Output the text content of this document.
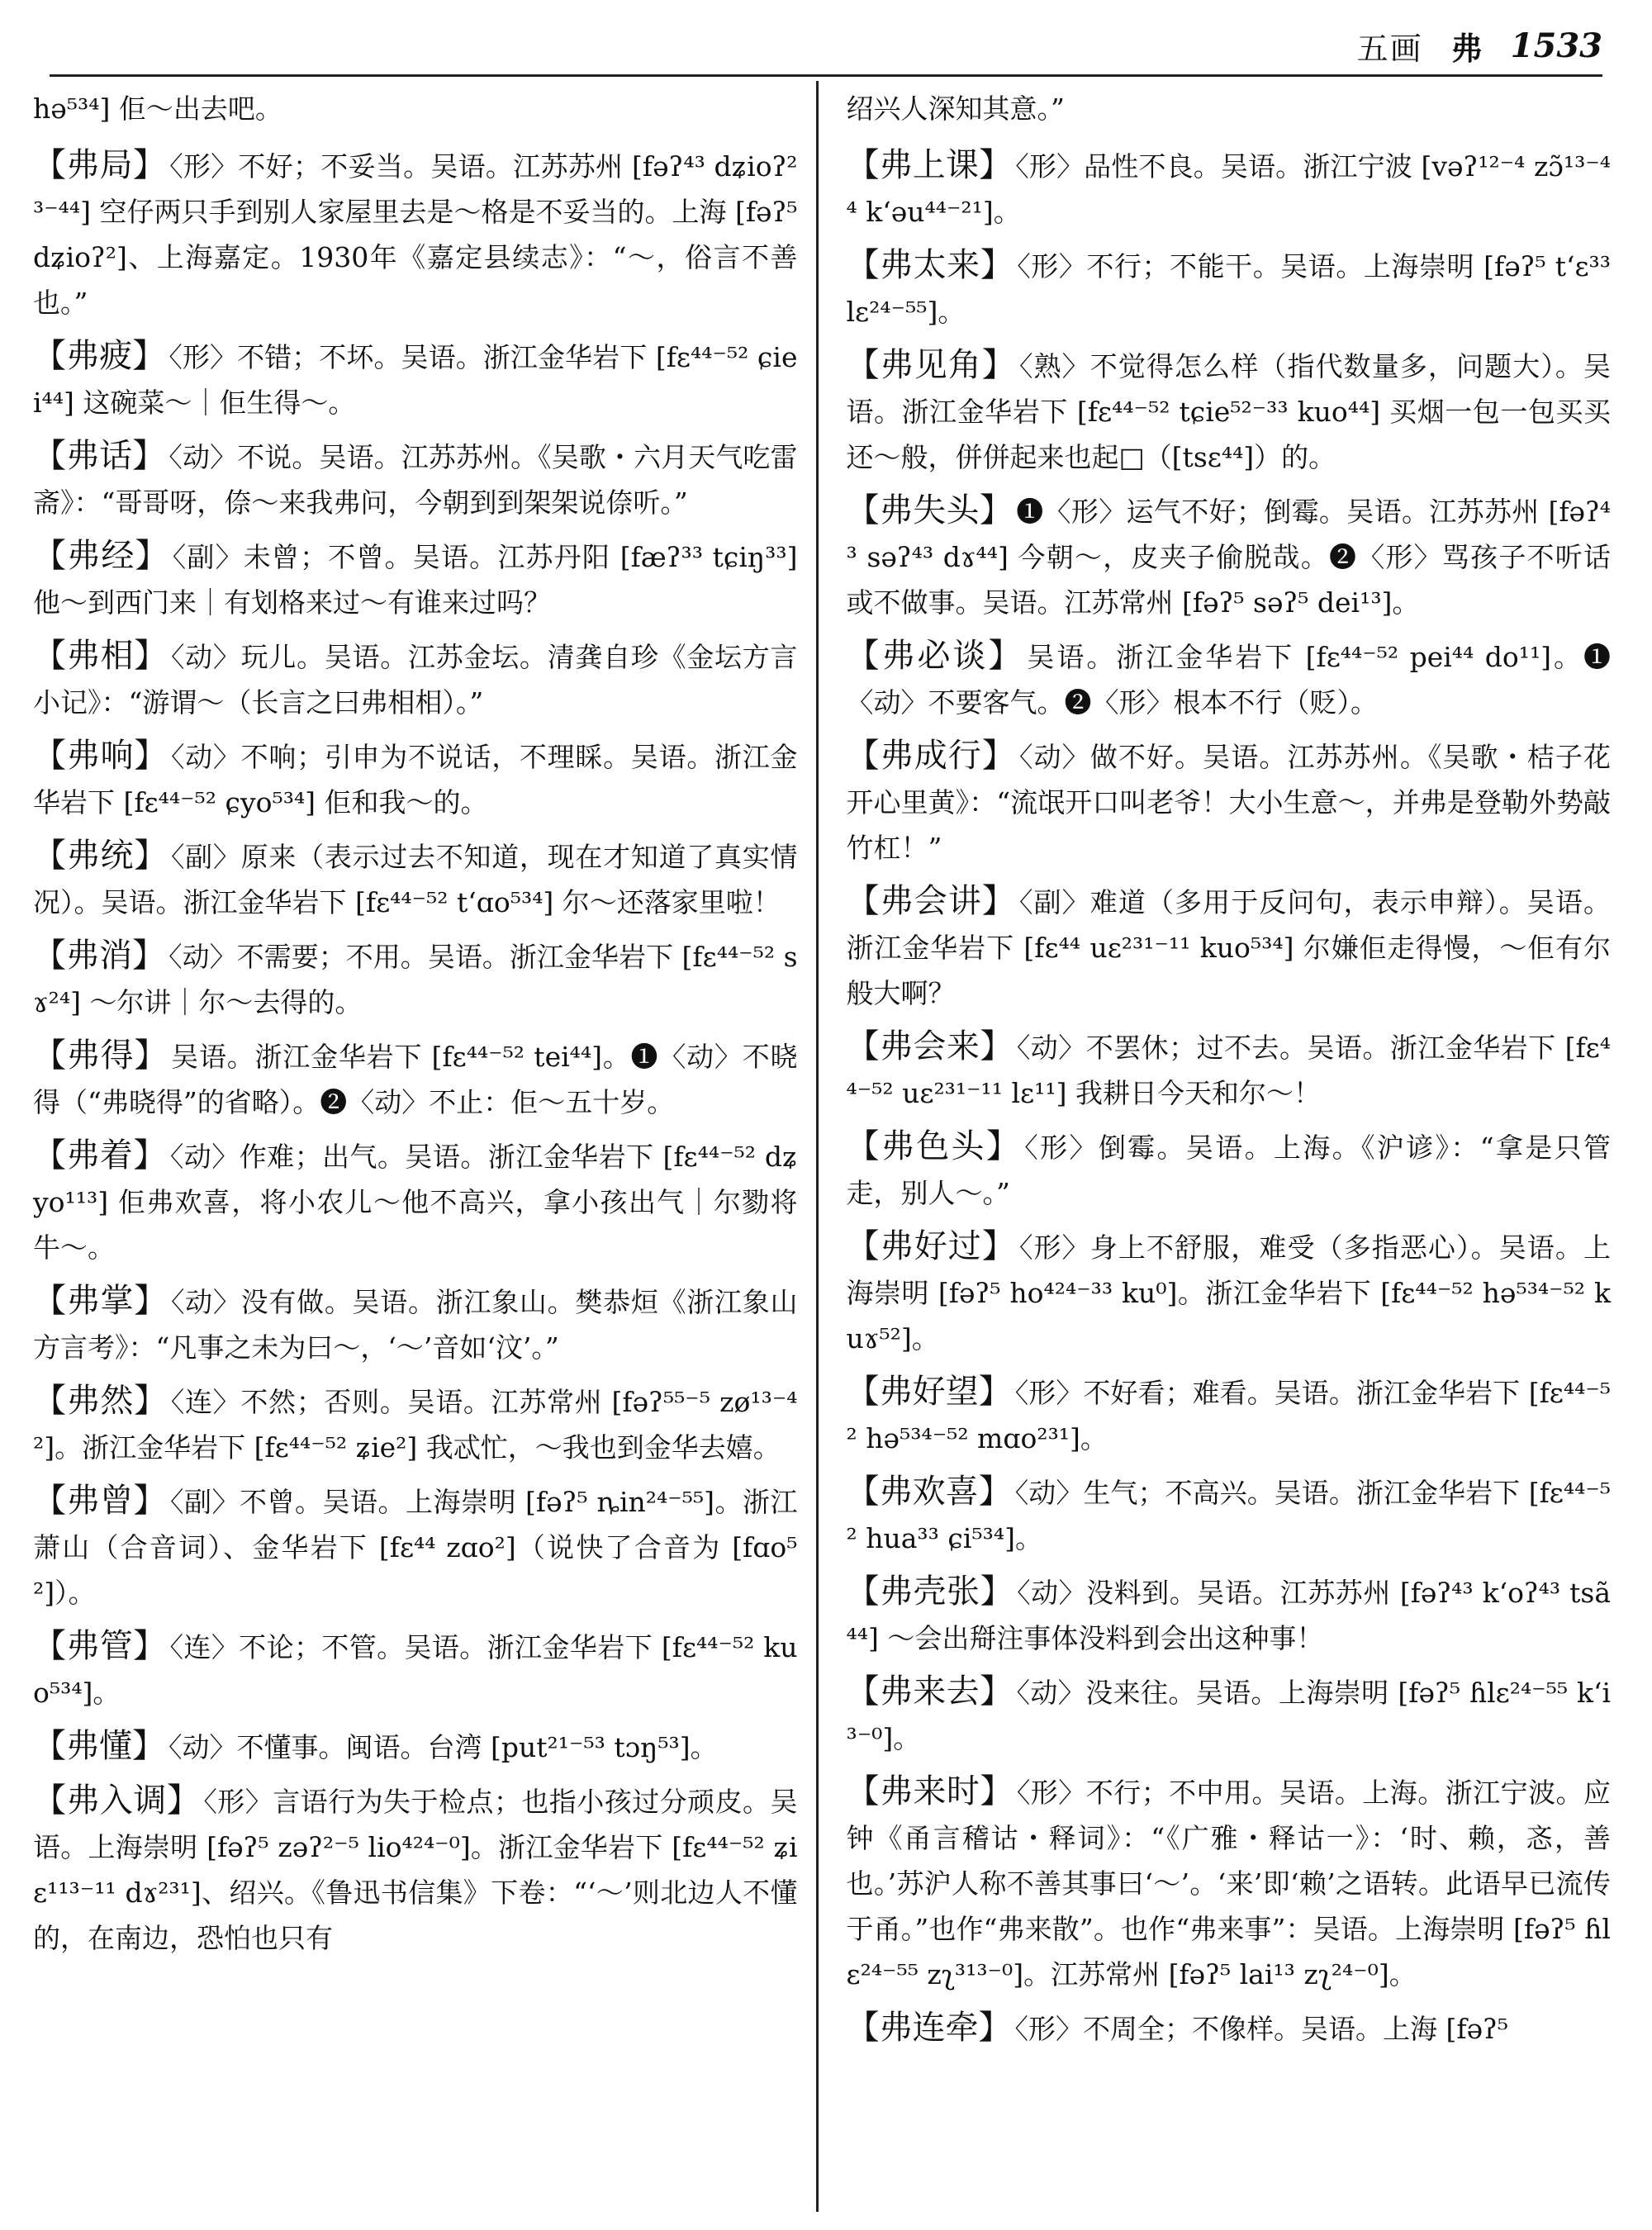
五画 弗 1533

hə⁵³⁴] 佢～出去吧。

【弗局】 〈形〉不好；不妥当。吴语。江苏苏州 [fəʔ⁴³ dʑioʔ²³⁻⁴⁴] 空仔两只手到别人家屋里去是～格是不妥当的。上海 [fəʔ⁵ dʑioʔ²]、上海嘉定。1930年《嘉定县续志》：“～，俗言不善也。”

【弗疲】 〈形〉不错；不坏。吴语。浙江金华岩下 [fɛ⁴⁴⁻⁵² ɕiei⁴⁴] 这碗菜～｜佢生得～。

【弗话】 〈动〉不说。吴语。江苏苏州。《吴歌・六月天气吃雷斋》：“哥哥呀，倷～来我弗问，今朝到到架架说倷听。”

【弗经】 〈副〉未曾；不曾。吴语。江苏丹阳 [fæʔ³³ tɕiŋ³³] 他～到西门来｜有划格来过～有谁来过吗？

【弗相】 〈动〉玩儿。吴语。江苏金坛。清龚自珍《金坛方言小记》：“游谓～（长言之曰弗相相）。”

【弗响】 〈动〉不响；引申为不说话，不理睬。吴语。浙江金华岩下 [fɛ⁴⁴⁻⁵² ɕyo⁵³⁴] 佢和我～的。

【弗统】 〈副〉原来（表示过去不知道，现在才知道了真实情况）。吴语。浙江金华岩下 [fɛ⁴⁴⁻⁵² tʻɑo⁵³⁴] 尔～还落家里啦！

【弗消】 〈动〉不需要；不用。吴语。浙江金华岩下 [fɛ⁴⁴⁻⁵² sɤ²⁴] ～尔讲｜尔～去得的。

【弗得】 吴语。浙江金华岩下 [fɛ⁴⁴⁻⁵² tei⁴⁴]。❶〈动〉不晓得（“弗晓得”的省略）。❷〈动〉不止：佢～五十岁。

【弗着】 〈动〉作难；出气。吴语。浙江金华岩下 [fɛ⁴⁴⁻⁵² dʑyo¹¹³] 佢弗欢喜，将小农儿～他不高兴，拿小孩出气｜尔勠将牛～。

【弗掌】 〈动〉没有做。吴语。浙江象山。樊恭烜《浙江象山方言考》：“凡事之未为曰～，‘～’音如‘汶’。”

【弗然】 〈连〉不然；否则。吴语。江苏常州 [fəʔ⁵⁵⁻⁵ zø¹³⁻⁴²]。浙江金华岩下 [fɛ⁴⁴⁻⁵² ʑie²] 我忒忙，～我也到金华去嬉。

【弗曾】 〈副〉不曾。吴语。上海崇明 [fəʔ⁵ ȵin²⁴⁻⁵⁵]。浙江萧山（合音词）、金华岩下 [fɛ⁴⁴ zɑo²]（说快了合音为 [fɑo⁵²]）。

【弗管】 〈连〉不论；不管。吴语。浙江金华岩下 [fɛ⁴⁴⁻⁵² kuo⁵³⁴]。

【弗懂】 〈动〉不懂事。闽语。台湾 [put²¹⁻⁵³ tɔŋ⁵³]。

【弗入调】 〈形〉言语行为失于检点；也指小孩过分顽皮。吴语。上海崇明 [fəʔ⁵ zəʔ²⁻⁵ lio⁴²⁴⁻⁰]。浙江金华岩下 [fɛ⁴⁴⁻⁵² ʑiɛ¹¹³⁻¹¹ dɤ²³¹]、绍兴。《鲁迅书信集》下卷：“‘～’则北边人不懂的，在南边，恐怕也只有

绍兴人深知其意。”

【弗上课】 〈形〉品性不良。吴语。浙江宁波 [vəʔ¹²⁻⁴ zɔ̃¹³⁻⁴⁴ kʻəu⁴⁴⁻²¹]。

【弗太来】 〈形〉不行；不能干。吴语。上海崇明 [fəʔ⁵ tʻɛ³³ lɛ²⁴⁻⁵⁵]。

【弗见角】 〈熟〉不觉得怎么样（指代数量多，问题大）。吴语。浙江金华岩下 [fɛ⁴⁴⁻⁵² tɕie⁵²⁻³³ kuo⁴⁴] 买烟一包一包买买还～般，併併起来也起□（[tsɛ⁴⁴]）的。

【弗失头】 ❶〈形〉运气不好；倒霉。吴语。江苏苏州 [fəʔ⁴³ səʔ⁴³ dɤ⁴⁴] 今朝～，皮夹子偷脱哉。❷〈形〉骂孩子不听话或不做事。吴语。江苏常州 [fəʔ⁵ səʔ⁵ dei¹³]。

【弗必谈】 吴语。浙江金华岩下 [fɛ⁴⁴⁻⁵² pei⁴⁴ do¹¹]。❶〈动〉不要客气。❷〈形〉根本不行（贬）。

【弗成行】 〈动〉做不好。吴语。江苏苏州。《吴歌・桔子花开心里黄》：“流氓开口叫老爷！大小生意～，并弗是登勒外势敲竹杠！”

【弗会讲】 〈副〉难道（多用于反问句，表示申辩）。吴语。浙江金华岩下 [fɛ⁴⁴ uɛ²³¹⁻¹¹ kuo⁵³⁴] 尔嫌佢走得慢，～佢有尔般大啊？

【弗会来】 〈动〉不罢休；过不去。吴语。浙江金华岩下 [fɛ⁴⁴⁻⁵² uɛ²³¹⁻¹¹ lɛ¹¹] 我耕日今天和尔～！

【弗色头】 〈形〉倒霉。吴语。上海。《沪谚》：“拿是只管走，别人～。”

【弗好过】 〈形〉身上不舒服，难受（多指恶心）。吴语。上海崇明 [fəʔ⁵ ho⁴²⁴⁻³³ ku⁰]。浙江金华岩下 [fɛ⁴⁴⁻⁵² hə⁵³⁴⁻⁵² kuɤ⁵²]。

【弗好望】 〈形〉不好看；难看。吴语。浙江金华岩下 [fɛ⁴⁴⁻⁵² hə⁵³⁴⁻⁵² mɑo²³¹]。

【弗欢喜】 〈动〉生气；不高兴。吴语。浙江金华岩下 [fɛ⁴⁴⁻⁵² hua³³ ɕi⁵³⁴]。

【弗壳张】 〈动〉没料到。吴语。江苏苏州 [fəʔ⁴³ kʻoʔ⁴³ tsã⁴⁴] ～会出搿注事体没料到会出这种事！

【弗来去】 〈动〉没来往。吴语。上海崇明 [fəʔ⁵ ɦlɛ²⁴⁻⁵⁵ kʻi³⁻⁰]。

【弗来时】 〈形〉不行；不中用。吴语。上海。浙江宁波。应钟《甬言稽诂・释词》：“《广雅・释诂一》：‘时、赖，忞，善也。’苏沪人称不善其事曰‘～’。‘来’即‘赖’之语转。此语早已流传于甬。”也作“弗来散”。也作“弗来事”：吴语。上海崇明 [fəʔ⁵ ɦlɛ²⁴⁻⁵⁵ zʅ³¹³⁻⁰]。江苏常州 [fəʔ⁵ lai¹³ zʅ²⁴⁻⁰]。

【弗连牵】 〈形〉不周全；不像样。吴语。上海 [fəʔ⁵
